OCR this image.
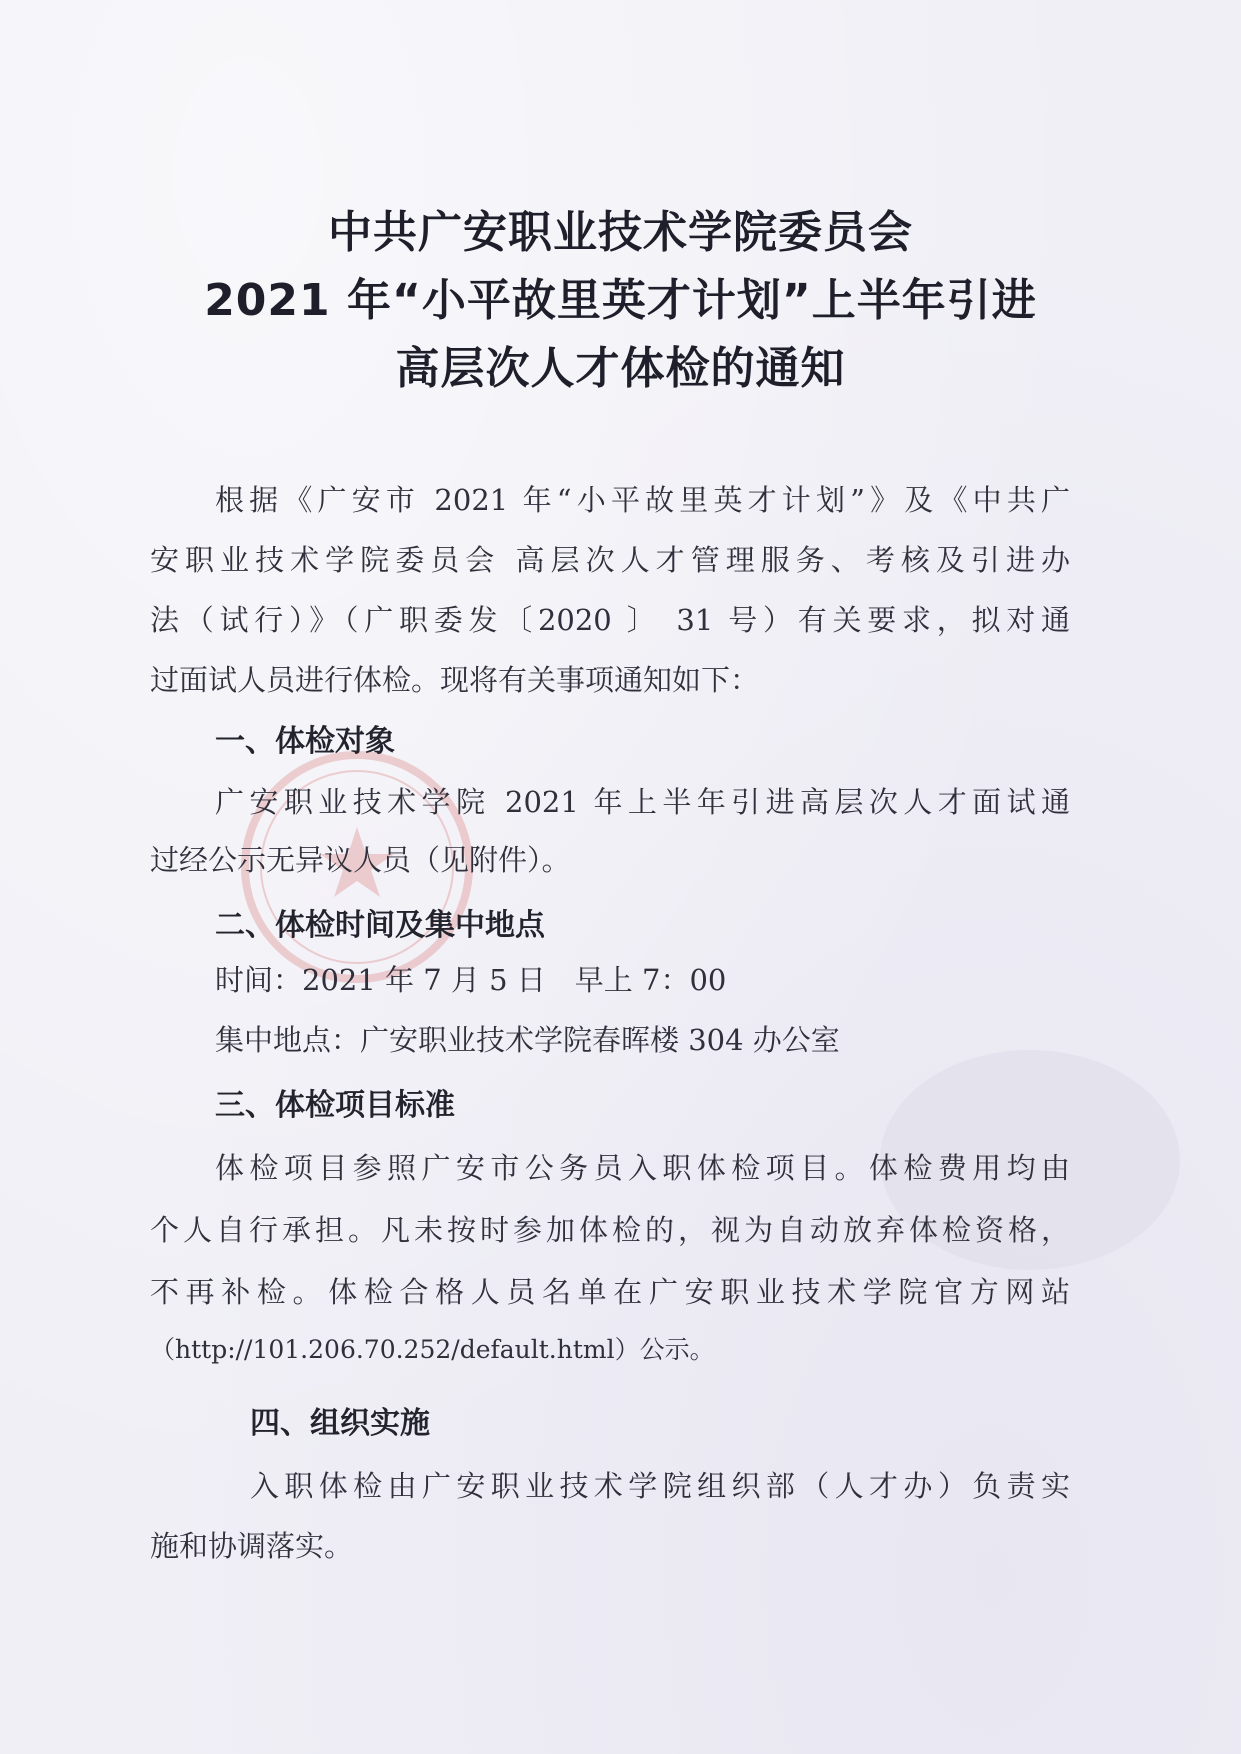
中共广安职业技术学院委员会
2021 年“小平故里英才计划”上半年引进
高层次人才体检的通知
根据《广安市 2021 年“小平故里英才计划”》及《中共广
安职业技术学院委员会 高层次人才管理服务、考核及引进办
法（试行）》（广职委发〔2020 〕 31 号）有关要求，拟对通
过面试人员进行体检。现将有关事项通知如下：
一、体检对象
广安职业技术学院 2021 年上半年引进高层次人才面试通
过经公示无异议人员（见附件）。
二、体检时间及集中地点
时间：2021 年 7 月 5 日　早上 7：00
集中地点：广安职业技术学院春晖楼 304 办公室
三、体检项目标准
体检项目参照广安市公务员入职体检项目。体检费用均由
个人自行承担。凡未按时参加体检的，视为自动放弃体检资格，
不再补检。体检合格人员名单在广安职业技术学院官方网站
（http://101.206.70.252/default.html）公示。
四、组织实施
入职体检由广安职业技术学院组织部（人才办）负责实
施和协调落实。
